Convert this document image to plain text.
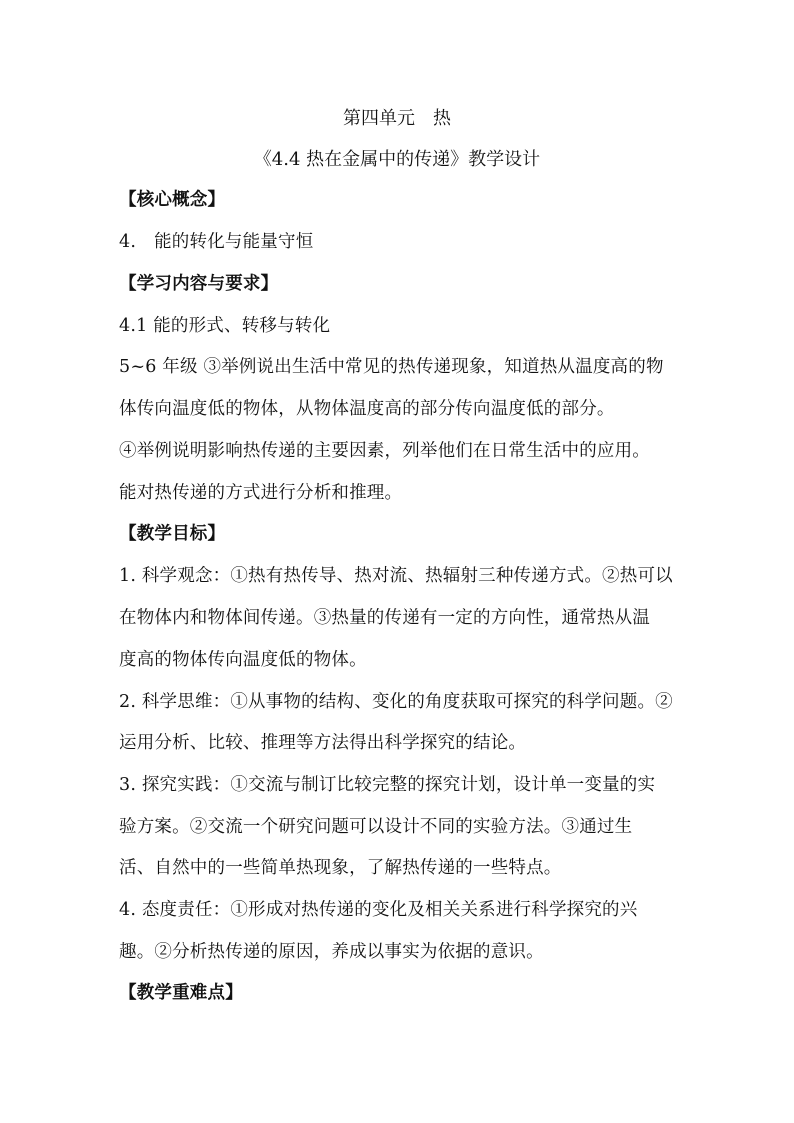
第四单元　热
《4.4 热在金属中的传递》教学设计
【核心概念】
4. 能的转化与能量守恒
【学习内容与要求】
4.1 能的形式、转移与转化
5~6 年级 ③举例说出生活中常见的热传递现象，知道热从温度高的物
体传向温度低的物体，从物体温度高的部分传向温度低的部分。
④举例说明影响热传递的主要因素，列举他们在日常生活中的应用。
能对热传递的方式进行分析和推理。
【教学目标】
1. 科学观念：①热有热传导、热对流、热辐射三种传递方式。②热可以
在物体内和物体间传递。③热量的传递有一定的方向性，通常热从温
度高的物体传向温度低的物体。
2. 科学思维：①从事物的结构、变化的角度获取可探究的科学问题。②
运用分析、比较、推理等方法得出科学探究的结论。
3. 探究实践：①交流与制订比较完整的探究计划，设计单一变量的实
验方案。②交流一个研究问题可以设计不同的实验方法。③通过生
活、自然中的一些简单热现象，了解热传递的一些特点。
4. 态度责任：①形成对热传递的变化及相关关系进行科学探究的兴
趣。②分析热传递的原因，养成以事实为依据的意识。
【教学重难点】
